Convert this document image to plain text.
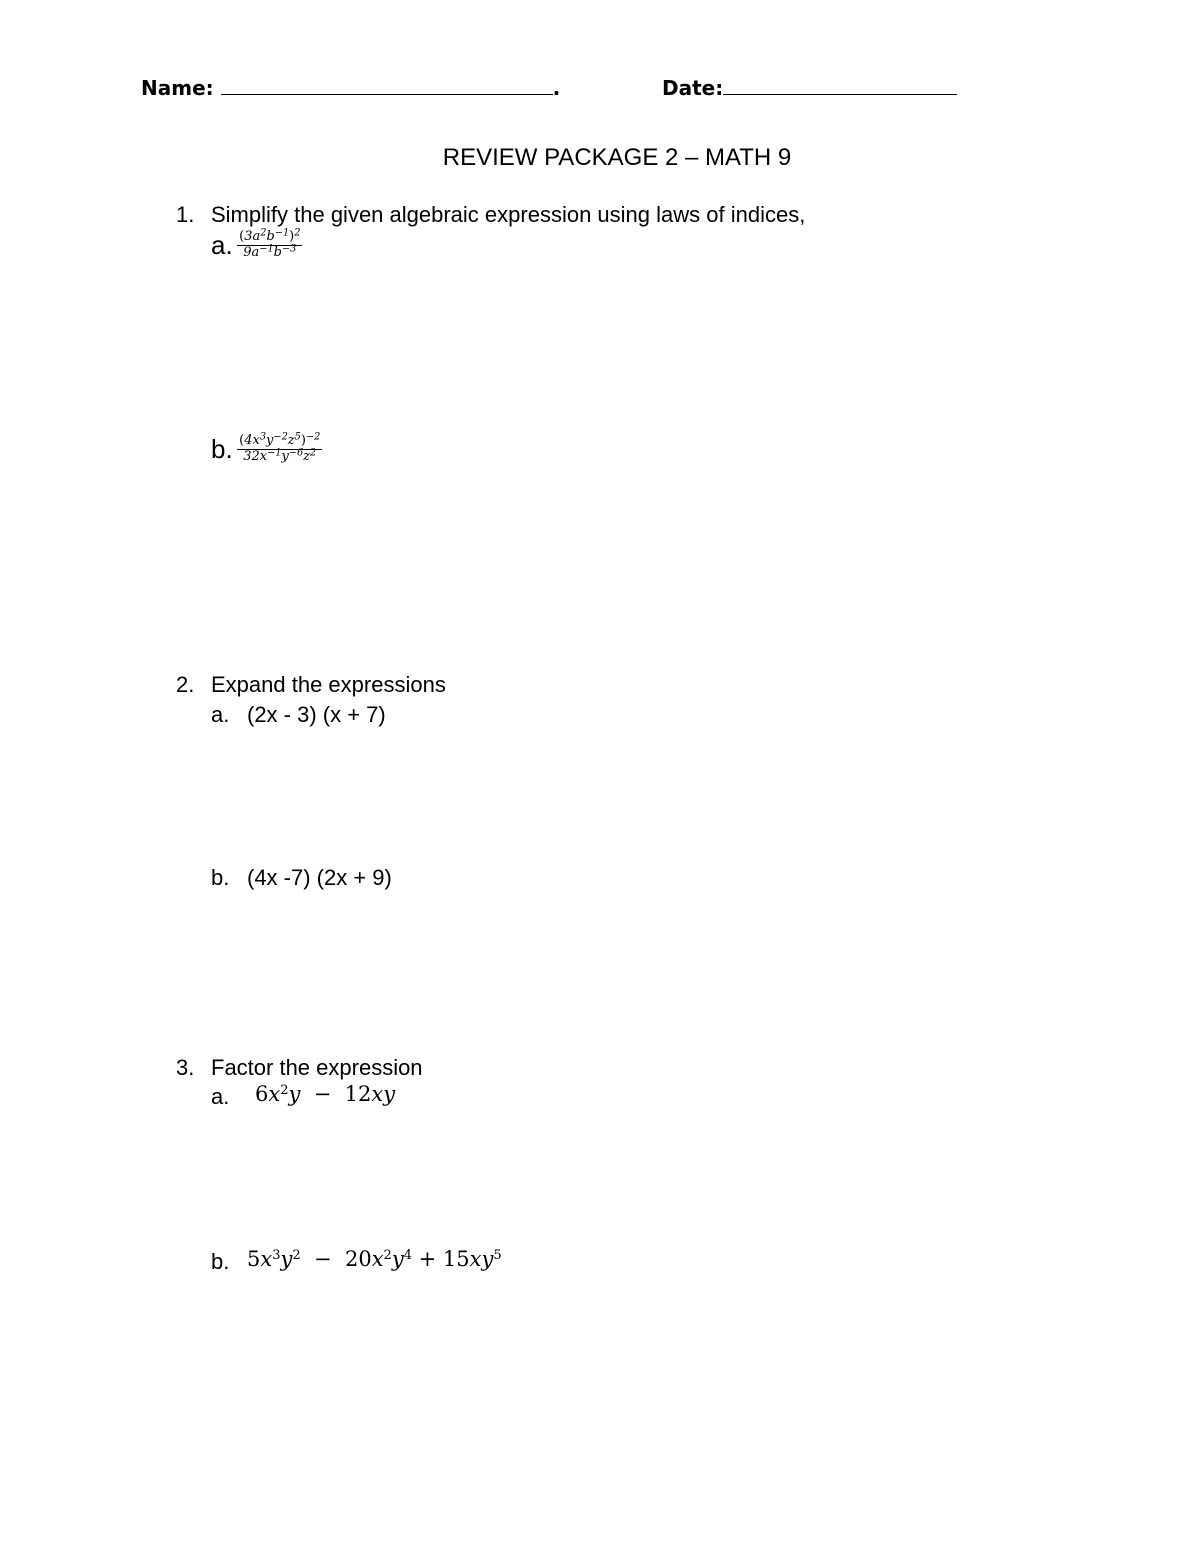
Name:	.	Date:
REVIEW PACKAGE 2 – MATH 9
1. Simplify the given algebraic expression using laws of indices,
a. $\frac{(3a^2b^{-1})^2}{9a^{-1}b^{-3}}$
b. $\frac{(4x^3y^{-2}z^5)^{-2}}{32x^{-1}y^{-6}z^2}$
2. Expand the expressions
a. (2x - 3) (x + 7)
b. (4x -7) (2x + 9)
3. Factor the expression
a. $6x^2y - 12xy$
b. $5x^3y^2 - 20x^2y^4 + 15xy^5$
